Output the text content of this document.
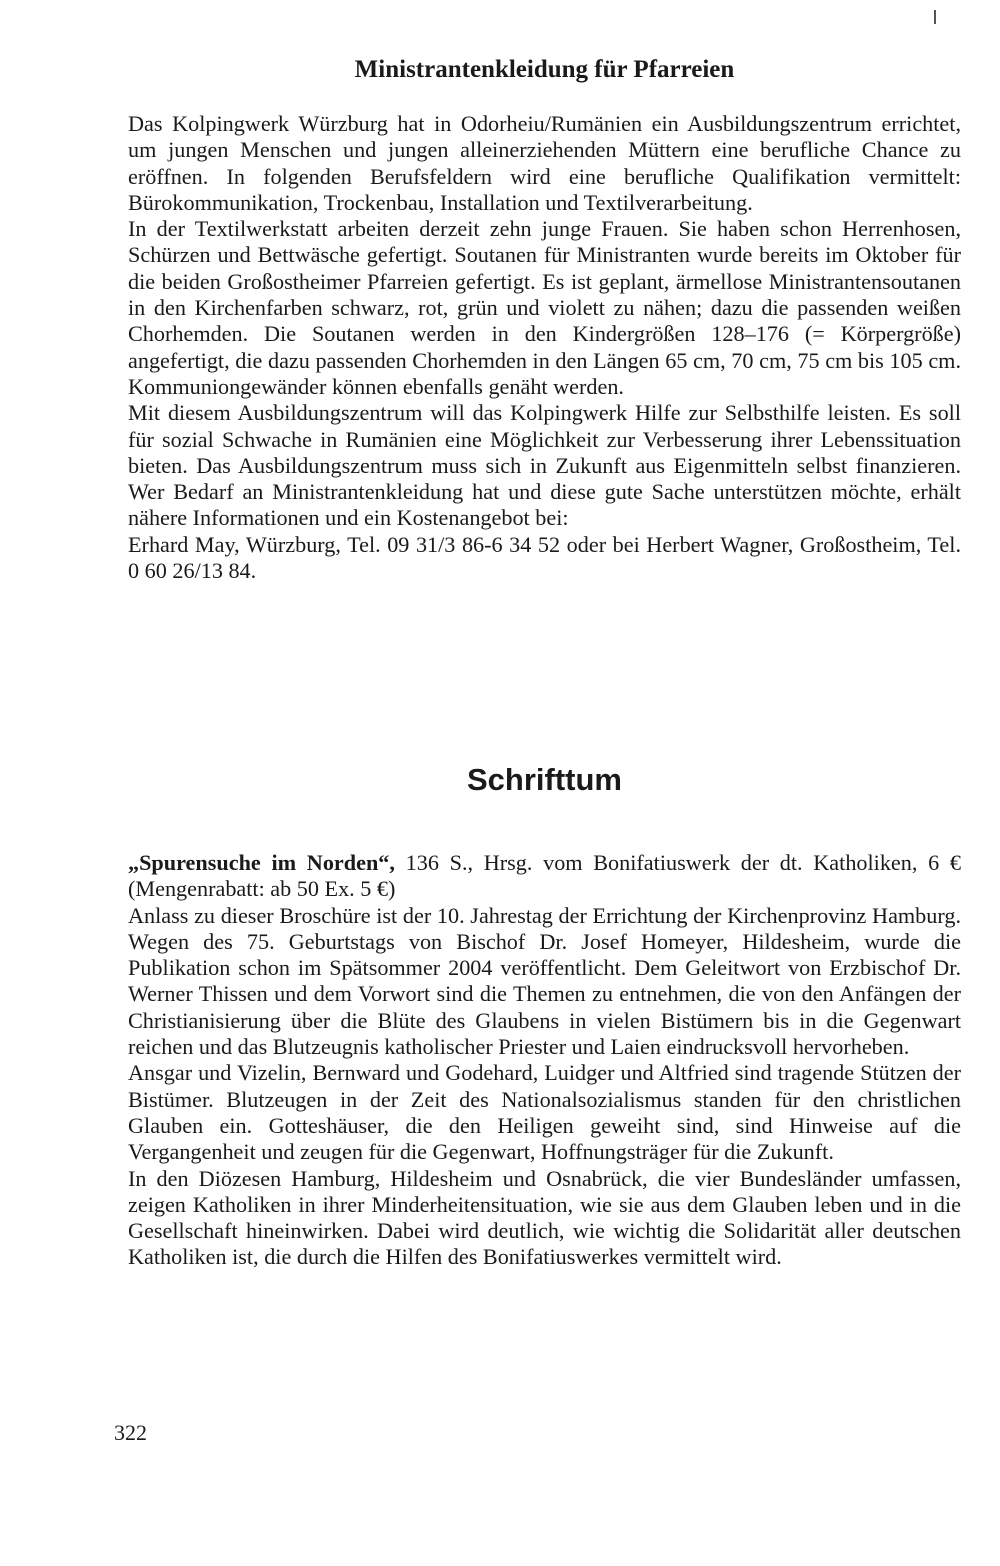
Ministrantenkleidung für Pfarreien

Das Kolpingwerk Würzburg hat in Odorheiu/Rumänien ein Ausbildungszentrum errichtet, um jungen Menschen und jungen alleinerziehenden Müttern eine berufliche Chance zu eröffnen. In folgenden Berufsfeldern wird eine berufliche Qualifikation vermittelt: Bürokommunikation, Trockenbau, Installation und Textilverarbeitung.

In der Textilwerkstatt arbeiten derzeit zehn junge Frauen. Sie haben schon Herrenhosen, Schürzen und Bettwäsche gefertigt. Soutanen für Ministranten wurde bereits im Oktober für die beiden Großostheimer Pfarreien gefertigt. Es ist geplant, ärmellose Ministrantensoutanen in den Kirchenfarben schwarz, rot, grün und violett zu nähen; dazu die passenden weißen Chorhemden. Die Soutanen werden in den Kindergrößen 128–176 (= Körpergröße) angefertigt, die dazu passenden Chorhemden in den Längen 65 cm, 70 cm, 75 cm bis 105 cm. Kommuniongewänder können ebenfalls genäht werden.

Mit diesem Ausbildungszentrum will das Kolpingwerk Hilfe zur Selbsthilfe leisten. Es soll für sozial Schwache in Rumänien eine Möglichkeit zur Verbesserung ihrer Lebenssituation bieten. Das Ausbildungszentrum muss sich in Zukunft aus Eigenmitteln selbst finanzieren. Wer Bedarf an Ministrantenkleidung hat und diese gute Sache unterstützen möchte, erhält nähere Informationen und ein Kostenangebot bei:

Erhard May, Würzburg, Tel. 09 31/3 86-6 34 52 oder bei Herbert Wagner, Großostheim, Tel. 0 60 26/13 84.

Schrifttum

„Spurensuche im Norden“, 136 S., Hrsg. vom Bonifatiuswerk der dt. Katholiken, 6 € (Mengenrabatt: ab 50 Ex. 5 €)

Anlass zu dieser Broschüre ist der 10. Jahrestag der Errichtung der Kirchenprovinz Hamburg. Wegen des 75. Geburtstags von Bischof Dr. Josef Homeyer, Hildesheim, wurde die Publikation schon im Spätsommer 2004 veröffentlicht. Dem Geleitwort von Erzbischof Dr. Werner Thissen und dem Vorwort sind die Themen zu entnehmen, die von den Anfängen der Christianisierung über die Blüte des Glaubens in vielen Bistümern bis in die Gegenwart reichen und das Blutzeugnis katholischer Priester und Laien eindrucksvoll hervorheben.

Ansgar und Vizelin, Bernward und Godehard, Luidger und Altfried sind tragende Stützen der Bistümer. Blutzeugen in der Zeit des Nationalsozialismus standen für den christlichen Glauben ein. Gotteshäuser, die den Heiligen geweiht sind, sind Hinweise auf die Vergangenheit und zeugen für die Gegenwart, Hoffnungsträger für die Zukunft.

In den Diözesen Hamburg, Hildesheim und Osnabrück, die vier Bundesländer umfassen, zeigen Katholiken in ihrer Minderheitensituation, wie sie aus dem Glauben leben und in die Gesellschaft hineinwirken. Dabei wird deutlich, wie wichtig die Solidarität aller deutschen Katholiken ist, die durch die Hilfen des Bonifatiuswerkes vermittelt wird.

322
